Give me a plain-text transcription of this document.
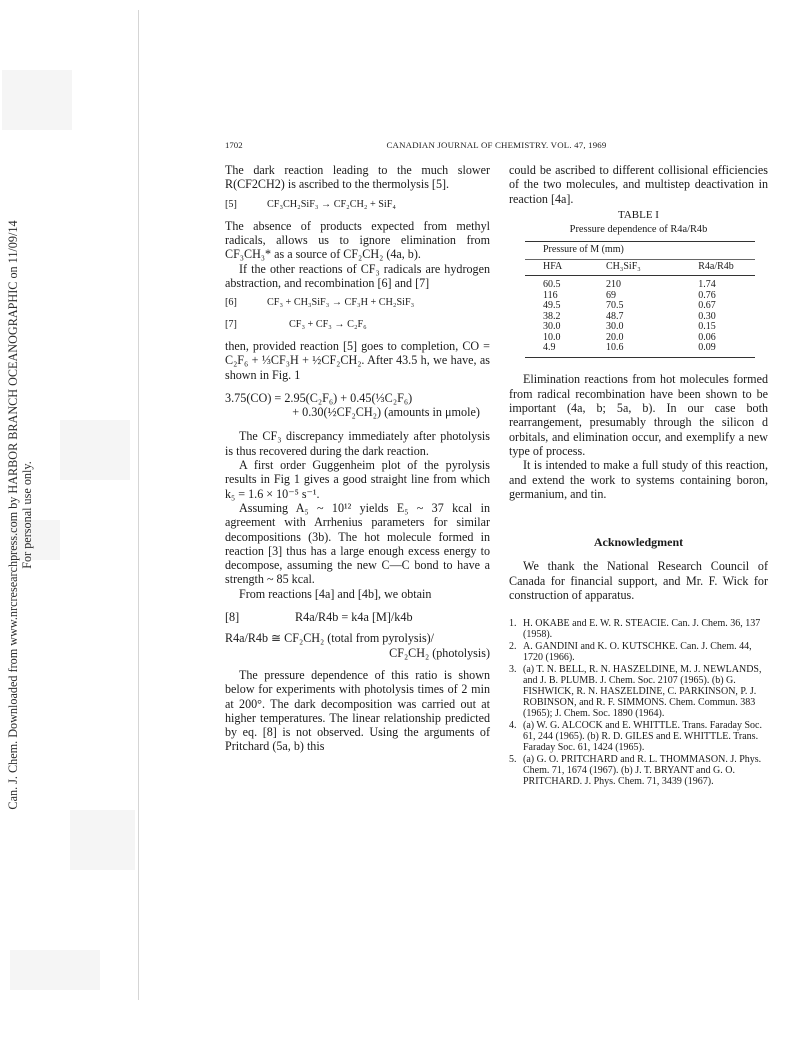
Can. J. Chem. Downloaded from www.nrcresearchpress.com by HARBOR BRANCH OCEANOGRAPHIC on 11/09/14 For personal use only.
1702	CANADIAN JOURNAL OF CHEMISTRY. VOL. 47, 1969

The dark reaction leading to the much slower R(CF2CH2) is ascribed to the thermolysis [5].

[5]	CF₃CH₂SiF₃ → CF₂CH₂ + SiF₄

The absence of products expected from methyl radicals, allows us to ignore elimination from CF₃CH₃* as a source of CF₂CH₂ (4a, b).

If the other reactions of CF₃ radicals are hydrogen abstraction, and recombination [6] and [7]

[6]	CF₃ + CH₃SiF₃ → CF₃H + CH₂SiF₃
[7]	CF₃ + CF₃ → C₂F₆

then, provided reaction [5] goes to completion, CO = C₂F₆ + ⅓CF₃H + ½CF₂CH₂. After 43.5 h, we have, as shown in Fig. 1

3.75(CO) = 2.95(C₂F₆) + 0.45(⅓C₂F₆)
+ 0.30(½CF₂CH₂) (amounts in μmole)

The CF₃ discrepancy immediately after photolysis is thus recovered during the dark reaction.

A first order Guggenheim plot of the pyrolysis results in Fig 1 gives a good straight line from which k₅ = 1.6 × 10⁻⁵ s⁻¹.

Assuming A₅ ~ 10¹² yields E₅ ~ 37 kcal in agreement with Arrhenius parameters for similar decompositions (3b). The hot molecule formed in reaction [3] thus has a large enough excess energy to decompose, assuming the new C—C bond to have a strength ~ 85 kcal.

From reactions [4a] and [4b], we obtain

[8]	R4a/R4b = k4a [M]/k4b
R4a/R4b ≅ CF₂CH₂ (total from pyrolysis)/
CF₂CH₂ (photolysis)

The pressure dependence of this ratio is shown below for experiments with photolysis times of 2 min at 200°. The dark decomposition was carried out at higher temperatures. The linear relationship predicted by eq. [8] is not observed. Using the arguments of Pritchard (5a, b) this

could be ascribed to different collisional efficiencies of the two molecules, and multistep deactivation in reaction [4a].

TABLE I
Pressure dependence of R4a/R4b

Pressure of M (mm)		
HFA	CH₃SiF₃	R4a/R4b

60.5	210	1.74
116	69	0.76
49.5	70.5	0.67
38.2	48.7	0.30
30.0	30.0	0.15
10.0	20.0	0.06
4.9	10.6	0.09

Elimination reactions from hot molecules formed from radical recombination have been shown to be important (4a, b; 5a, b). In our case both rearrangement, presumably through the silicon d orbitals, and elimination occur, and exemplify a new type of process.

It is intended to make a full study of this reaction, and extend the work to systems containing boron, germanium, and tin.

Acknowledgment

We thank the National Research Council of Canada for financial support, and Mr. F. Wick for construction of apparatus.

1. H. OKABE and E. W. R. STEACIE. Can. J. Chem. 36, 137 (1958).
2. A. GANDINI and K. O. KUTSCHKE. Can. J. Chem. 44, 1720 (1966).
3. (a) T. N. BELL, R. N. HASZELDINE, M. J. NEWLANDS, and J. B. PLUMB. J. Chem. Soc. 2107 (1965). (b) G. FISHWICK, R. N. HASZELDINE, C. PARKINSON, P. J. ROBINSON, and R. F. SIMMONS. Chem. Commun. 383 (1965); J. Chem. Soc. 1890 (1964).
4. (a) W. G. ALCOCK and E. WHITTLE. Trans. Faraday Soc. 61, 244 (1965). (b) R. D. GILES and E. WHITTLE. Trans. Faraday Soc. 61, 1424 (1965).
5. (a) G. O. PRITCHARD and R. L. THOMMASON. J. Phys. Chem. 71, 1674 (1967). (b) J. T. BRYANT and G. O. PRITCHARD. J. Phys. Chem. 71, 3439 (1967).
